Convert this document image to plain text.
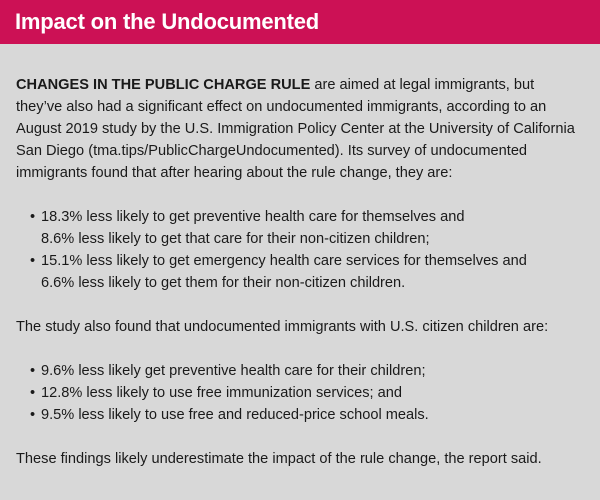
Impact on the Undocumented

CHANGES IN THE PUBLIC CHARGE RULE are aimed at legal immigrants, but they’ve also had a significant effect on undocumented immigrants, according to an August 2019 study by the U.S. Immigration Policy Center at the University of California San Diego (tma.tips/PublicChargeUndocumented). Its survey of undocumented immigrants found that after hearing about the rule change, they are:

• 18.3% less likely to get preventive health care for themselves and
8.6% less likely to get that care for their non-citizen children;
• 15.1% less likely to get emergency health care services for themselves and
6.6% less likely to get them for their non-citizen children.

The study also found that undocumented immigrants with U.S. citizen children are:

• 9.6% less likely get preventive health care for their children;
• 12.8% less likely to use free immunization services; and
• 9.5% less likely to use free and reduced-price school meals.

These findings likely underestimate the impact of the rule change, the report said.
